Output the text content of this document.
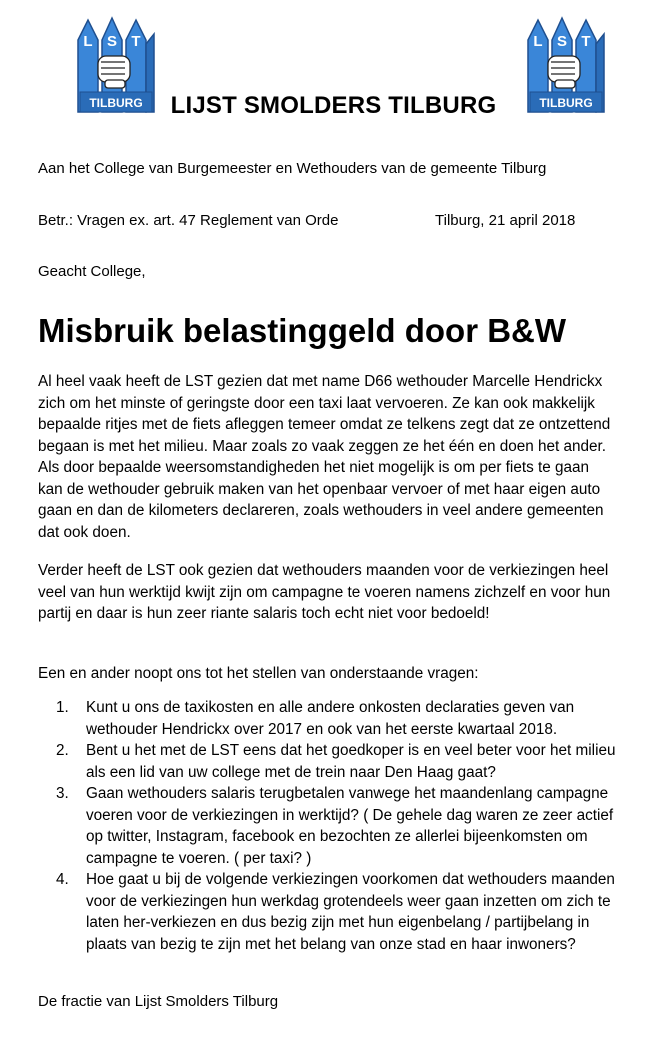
L S T
TILBURG
L S T
TILBURG
LIJST SMOLDERS TILBURG
Aan het College van Burgemeester en Wethouders van de gemeente Tilburg
Betr.: Vragen ex. art. 47 Reglement van Orde	Tilburg, 21 april 2018
Geacht College,
Misbruik belastinggeld door B&W
Al heel vaak heeft de LST gezien dat met name D66 wethouder Marcelle Hendrickx
zich om het minste of geringste door een taxi laat vervoeren. Ze kan ook makkelijk
bepaalde ritjes met de fiets afleggen temeer omdat ze telkens zegt dat ze ontzettend
begaan is met het milieu. Maar zoals zo vaak zeggen ze het één en doen het ander.
Als door bepaalde weersomstandigheden het niet mogelijk is om per fiets te gaan
kan de wethouder gebruik maken van het openbaar vervoer of met haar eigen auto
gaan en dan de kilometers declareren, zoals wethouders in veel andere gemeenten
dat ook doen.
Verder heeft de LST ook gezien dat wethouders maanden voor de verkiezingen heel
veel van hun werktijd kwijt zijn om campagne te voeren namens zichzelf en voor hun
partij en daar is hun zeer riante salaris toch echt niet voor bedoeld!
Een en ander noopt ons tot het stellen van onderstaande vragen:
1.	Kunt u ons de taxikosten en alle andere onkosten declaraties geven van
wethouder Hendrickx over 2017 en ook van het eerste kwartaal 2018.
2.	Bent u het met de LST eens dat het goedkoper is en veel beter voor het milieu
als een lid van uw college met de trein naar Den Haag gaat?
3.	Gaan wethouders salaris terugbetalen vanwege het maandenlang campagne
voeren voor de verkiezingen in werktijd? ( De gehele dag waren ze zeer actief
op twitter, Instagram, facebook en bezochten ze allerlei bijeenkomsten om
campagne te voeren. ( per taxi? )
4.	Hoe gaat u bij de volgende verkiezingen voorkomen dat wethouders maanden
voor de verkiezingen hun werkdag grotendeels weer gaan inzetten om zich te
laten her-verkiezen en dus bezig zijn met hun eigenbelang / partijbelang in
plaats van bezig te zijn met het belang van onze stad en haar inwoners?
De fractie van Lijst Smolders Tilburg
